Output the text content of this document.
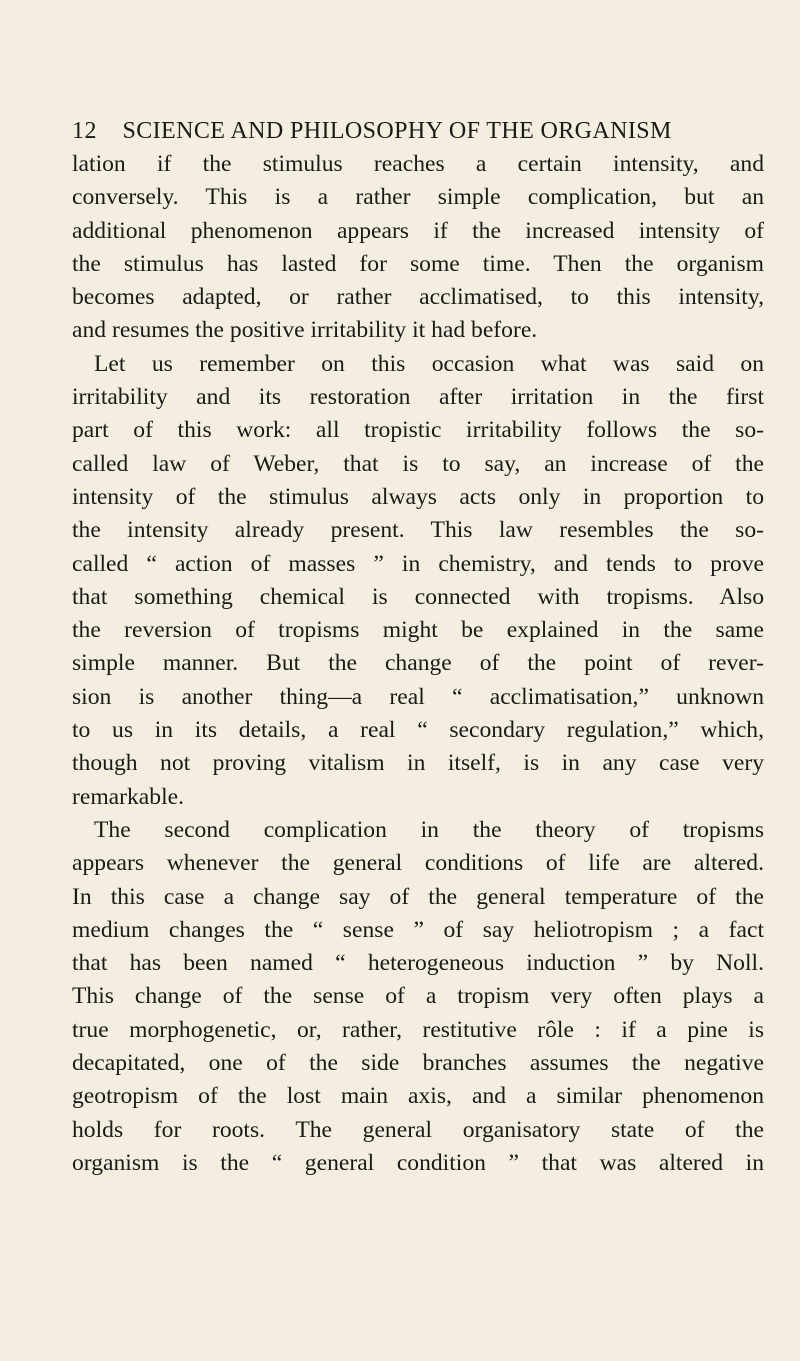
12 SCIENCE AND PHILOSOPHY OF THE ORGANISM
lation if the stimulus reaches a certain intensity, and
conversely. This is a rather simple complication, but an
additional phenomenon appears if the increased intensity of
the stimulus has lasted for some time. Then the organism
becomes adapted, or rather acclimatised, to this intensity,
and resumes the positive irritability it had before.
Let us remember on this occasion what was said on
irritability and its restoration after irritation in the first
part of this work: all tropistic irritability follows the so-
called law of Weber, that is to say, an increase of the
intensity of the stimulus always acts only in proportion to
the intensity already present. This law resembles the so-
called “ action of masses ” in chemistry, and tends to prove
that something chemical is connected with tropisms. Also
the reversion of tropisms might be explained in the same
simple manner. But the change of the point of rever-
sion is another thing—a real “ acclimatisation,” unknown
to us in its details, a real “ secondary regulation,” which,
though not proving vitalism in itself, is in any case very
remarkable.
The second complication in the theory of tropisms
appears whenever the general conditions of life are altered.
In this case a change say of the general temperature of the
medium changes the “ sense ” of say heliotropism ; a fact
that has been named “ heterogeneous induction ” by Noll.
This change of the sense of a tropism very often plays a
true morphogenetic, or, rather, restitutive rôle : if a pine is
decapitated, one of the side branches assumes the negative
geotropism of the lost main axis, and a similar phenomenon
holds for roots. The general organisatory state of the
organism is the “ general condition ” that was altered in
